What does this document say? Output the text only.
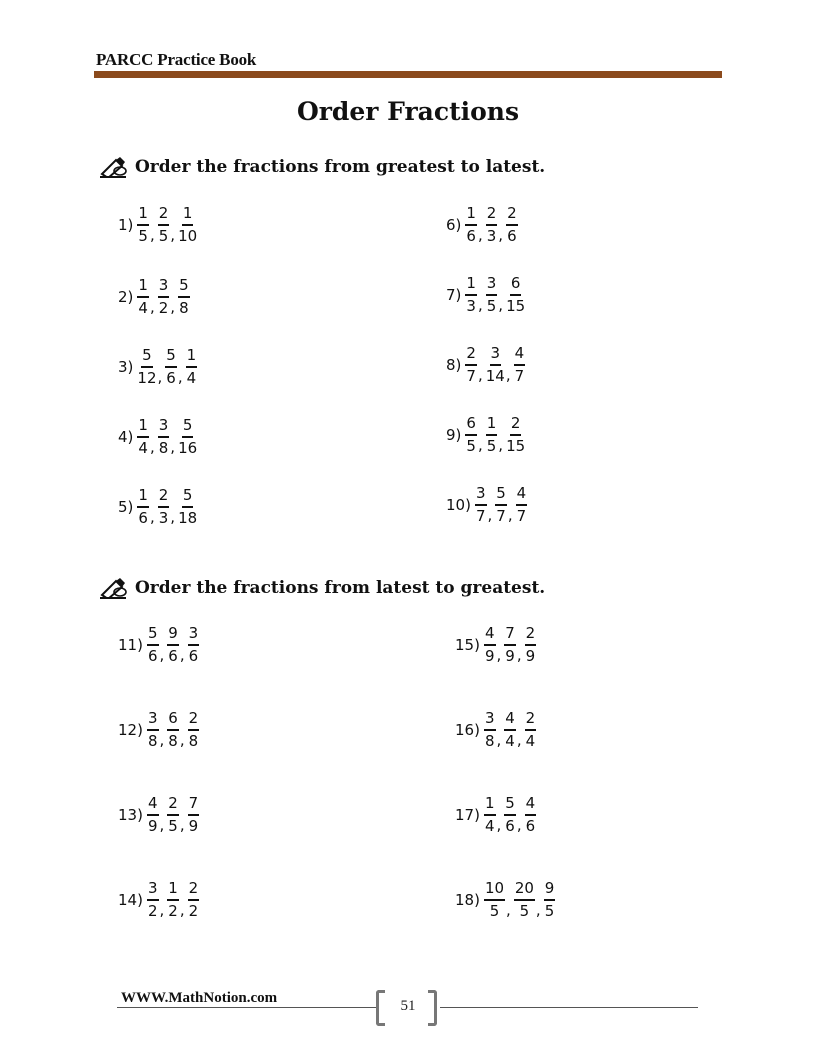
PARCC Practice Book
Order Fractions
Order the fractions from greatest to latest.
Order the fractions from latest to greatest.
$1) \frac{1}{5}$ , $\frac{2}{5}$ , $\frac{1}{10}$
$2) \frac{1}{4}$ , $\frac{3}{2}$ , $\frac{5}{8}$
$3) \frac{5}{12}$ , $\frac{5}{6}$ , $\frac{1}{4}$
$4) \frac{1}{4}$ , $\frac{3}{8}$ , $\frac{5}{16}$
$5) \frac{1}{6}$ , $\frac{2}{3}$ , $\frac{5}{18}$
$6) \frac{1}{6}$ , $\frac{2}{3}$ , $\frac{2}{6}$
$7) \frac{1}{3}$ , $\frac{3}{5}$ , $\frac{6}{15}$
$8) \frac{2}{7}$ , $\frac{3}{14}$ , $\frac{4}{7}$
$9) \frac{6}{5}$ , $\frac{1}{5}$ , $\frac{2}{15}$
$10) \frac{3}{7}$ , $\frac{5}{7}$ , $\frac{4}{7}$
$11) \frac{5}{6}$ , $\frac{9}{6}$ , $\frac{3}{6}$
$12) \frac{3}{8}$ , $\frac{6}{8}$ , $\frac{2}{8}$
$13) \frac{4}{9}$ , $\frac{2}{5}$ , $\frac{7}{9}$
$14) \frac{3}{2}$ , $\frac{1}{2}$ , $\frac{2}{2}$
$15) \frac{4}{9}$ , $\frac{7}{9}$ , $\frac{2}{9}$
$16) \frac{3}{8}$ , $\frac{4}{4}$ , $\frac{2}{4}$
$17) \frac{1}{4}$ , $\frac{5}{6}$ , $\frac{4}{6}$
$18) \frac{10}{5}$ , $\frac{20}{5}$ , $\frac{9}{5}$
WWW.MathNotion.com	51
